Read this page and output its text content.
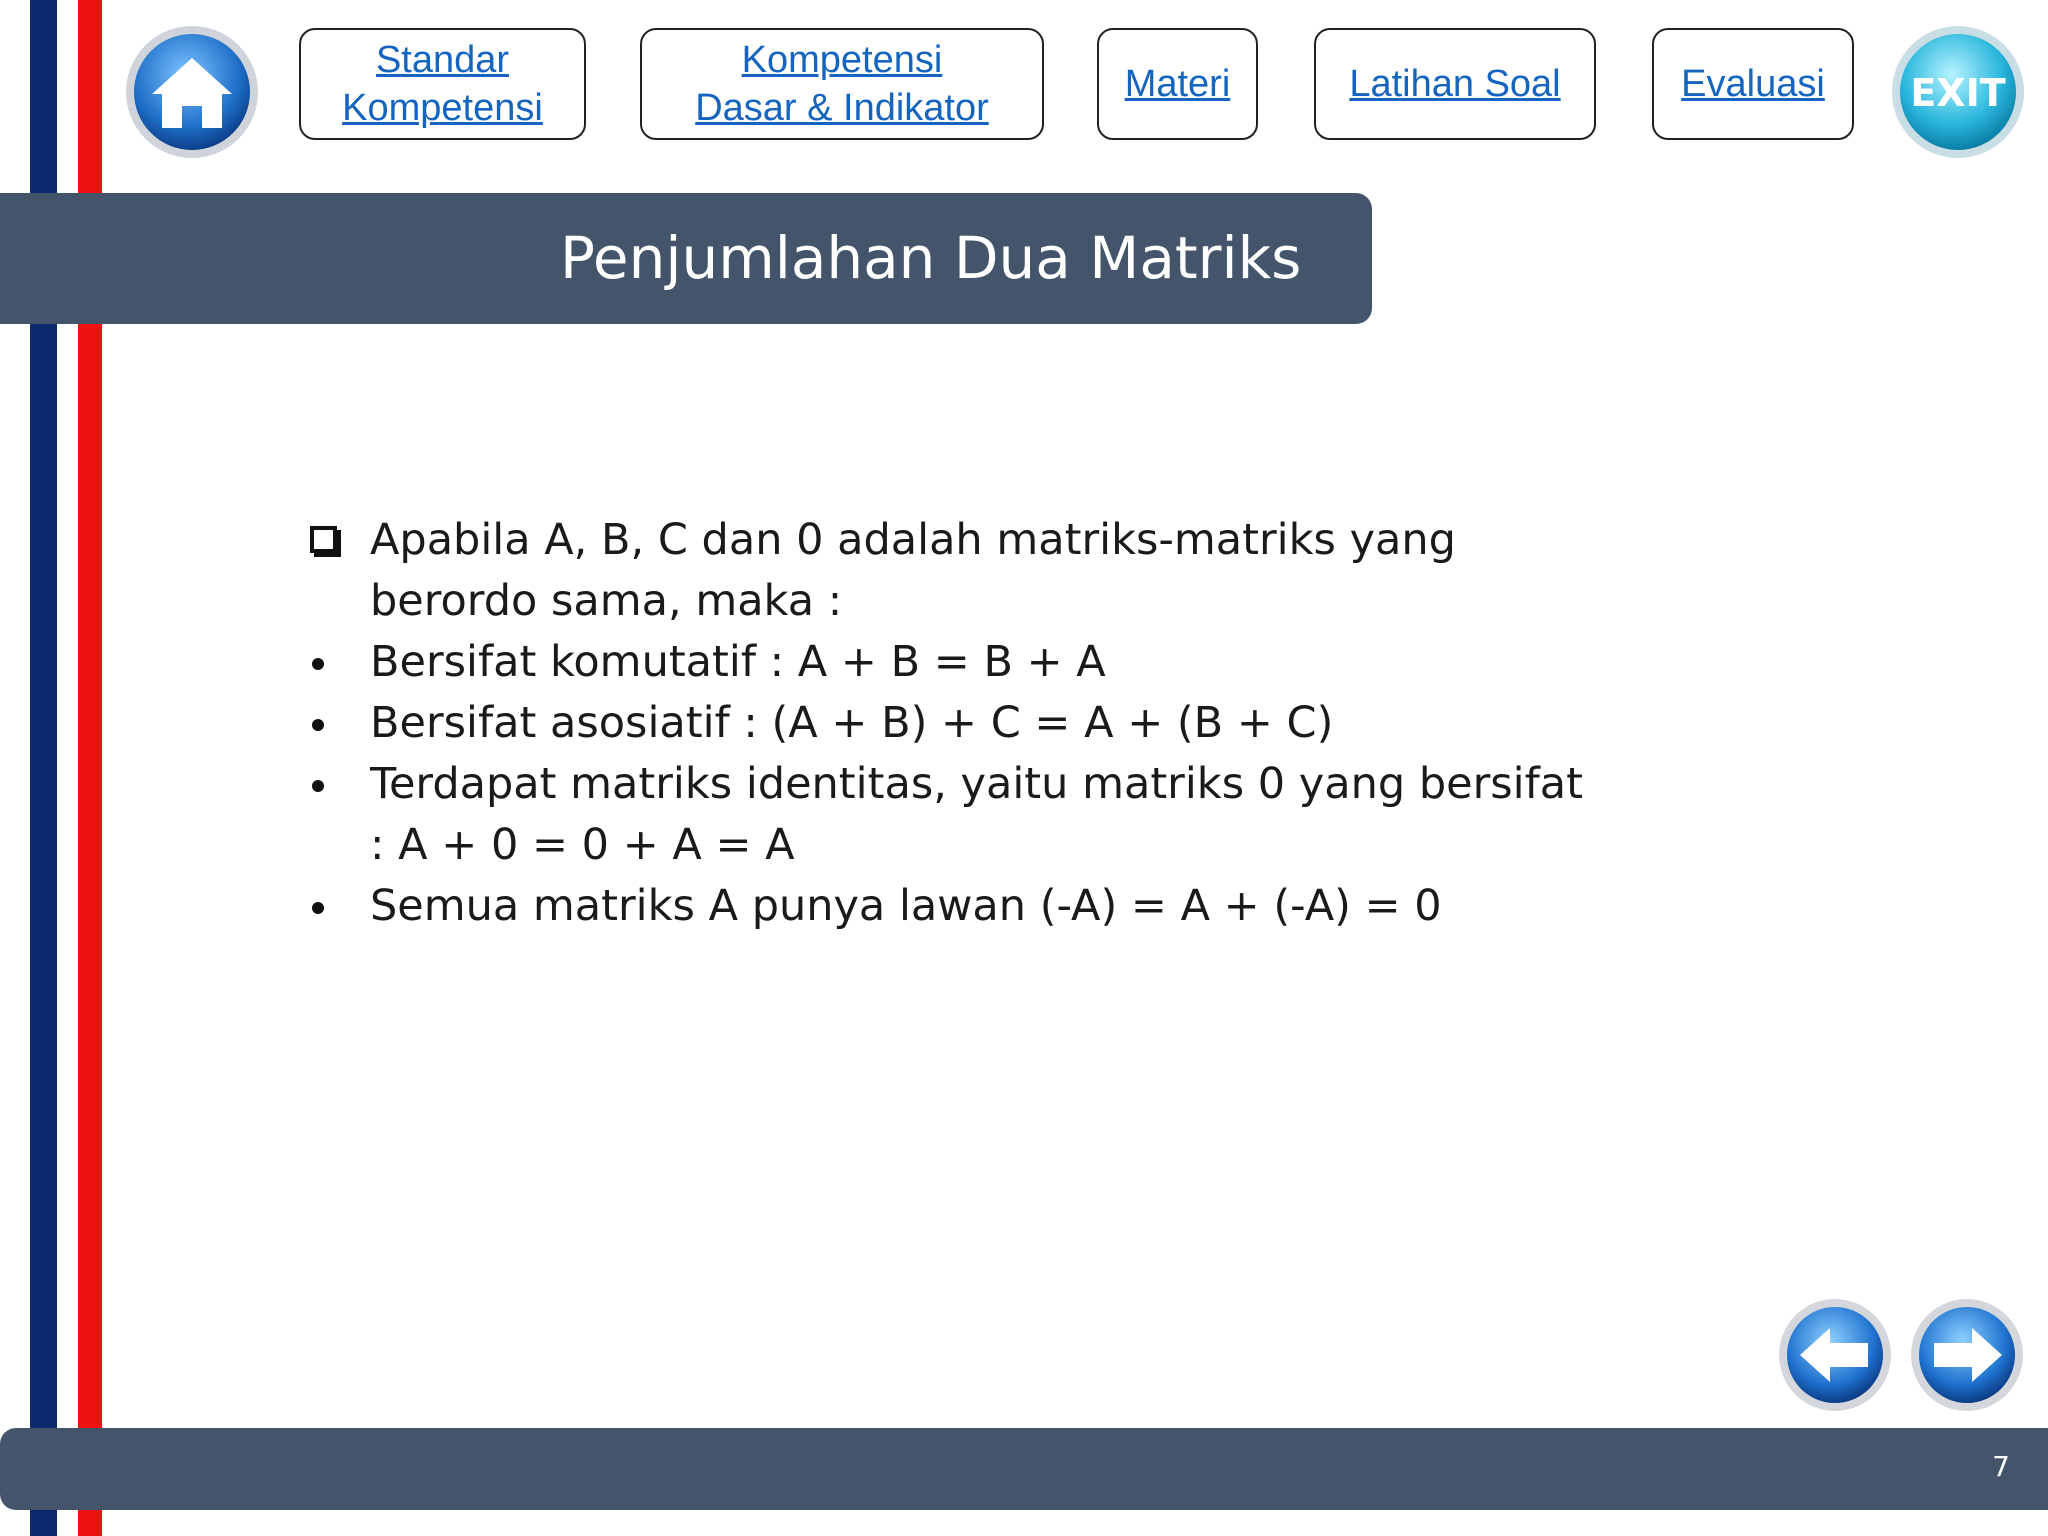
Standar
Kompetensi
Kompetensi
Dasar & Indikator
Materi	Latihan Soal	Evaluasi EXIT
Penjumlahan Dua Matriks
Apabila A, B, C dan 0 adalah matriks-matriks yang
berordo sama, maka :
Bersifat komutatif : A + B = B + A
Bersifat asosiatif : (A + B) + C = A + (B + C)
Terdapat matriks identitas, yaitu matriks 0 yang bersifat
: A + 0 = 0 + A = A
Semua matriks A punya lawan (-A) = A + (-A) = 0
7
